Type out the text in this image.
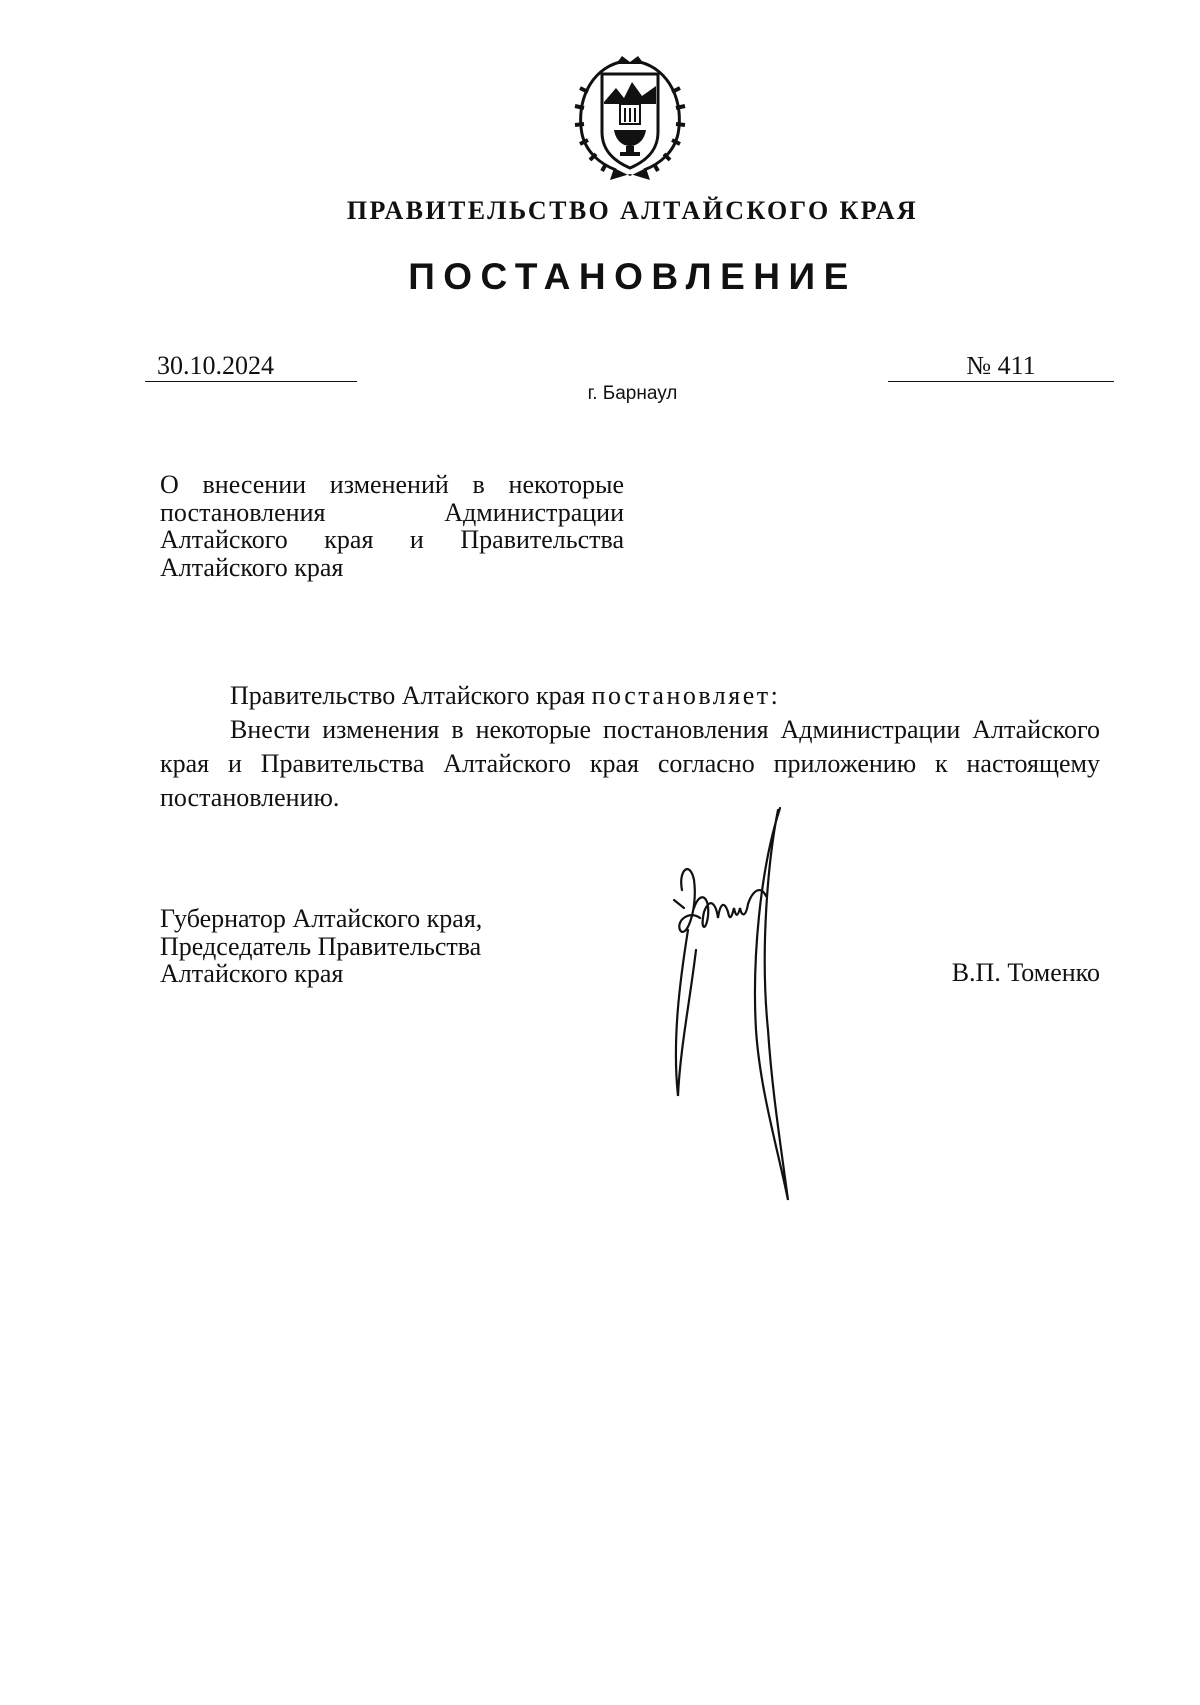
ПРАВИТЕЛЬСТВО АЛТАЙСКОГО КРАЯ
ПОСТАНОВЛЕНИЕ
30.10.2024	№ 411
г. Барнаул
О внесении изменений в некоторые
постановления Администрации
Алтайского края и Правительства
Алтайского края
Правительство Алтайского края постановляет:
Внести изменения в некоторые постановления Администрации Алтайского края и Правительства Алтайского края согласно приложению к настоящему постановлению.
Губернатор Алтайского края,
Председатель Правительства
Алтайского края	В.П. Томенко
